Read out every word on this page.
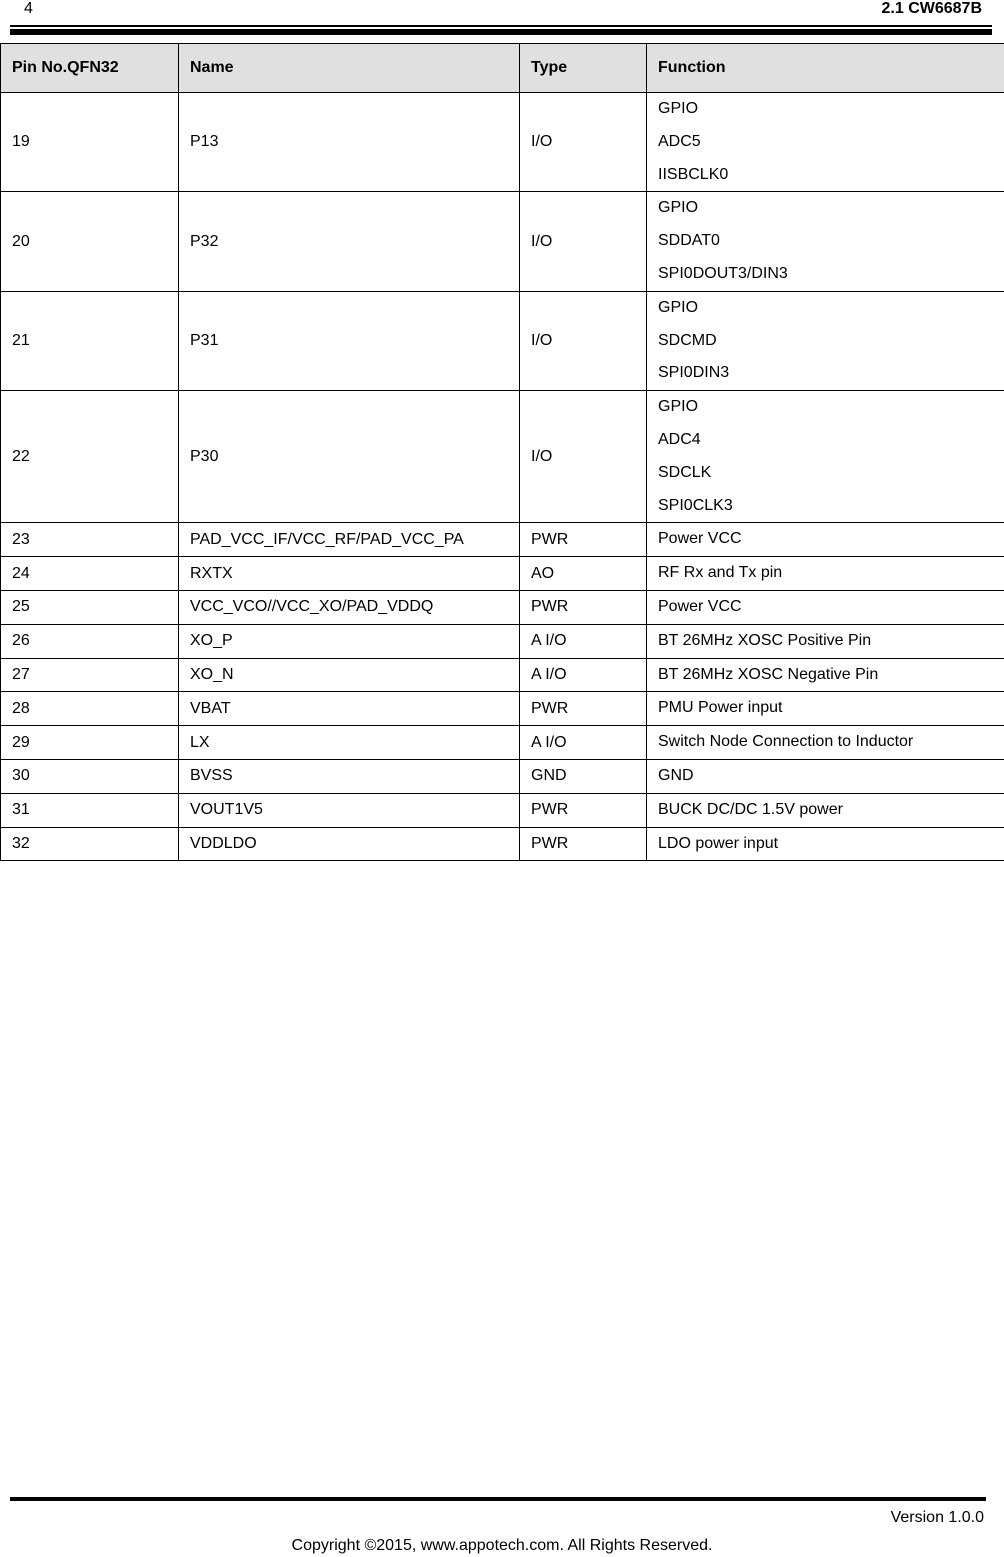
4	2.1 CW6687B
Pin No.QFN32	Name	Type	Function
19	P13	I/O	GPIO
ADC5
IISBCLK0

20	P32	I/O	GPIO
SDDAT0
SPI0DOUT3/DIN3

21	P31	I/O	GPIO
SDCMD
SPI0DIN3

22	P30	I/O	GPIO
ADC4
SDCLK
SPI0CLK3

23	PAD_VCC_IF/VCC_RF/PAD_VCC_PA	PWR	Power VCC

24	RXTX	AO	RF Rx and Tx pin

25	VCC_VCO//VCC_XO/PAD_VDDQ	PWR	Power VCC

26	XO_P	A I/O	BT 26MHz XOSC Positive Pin

27	XO_N	A I/O	BT 26MHz XOSC Negative Pin

28	VBAT	PWR	PMU Power input

29	LX	A I/O	Switch Node Connection to Inductor

30	BVSS	GND	GND

31	VOUT1V5	PWR	BUCK DC/DC 1.5V power

32	VDDLDO	PWR	LDO power input
Version 1.0.0
Copyright ©2015, www.appotech.com. All Rights Reserved.
